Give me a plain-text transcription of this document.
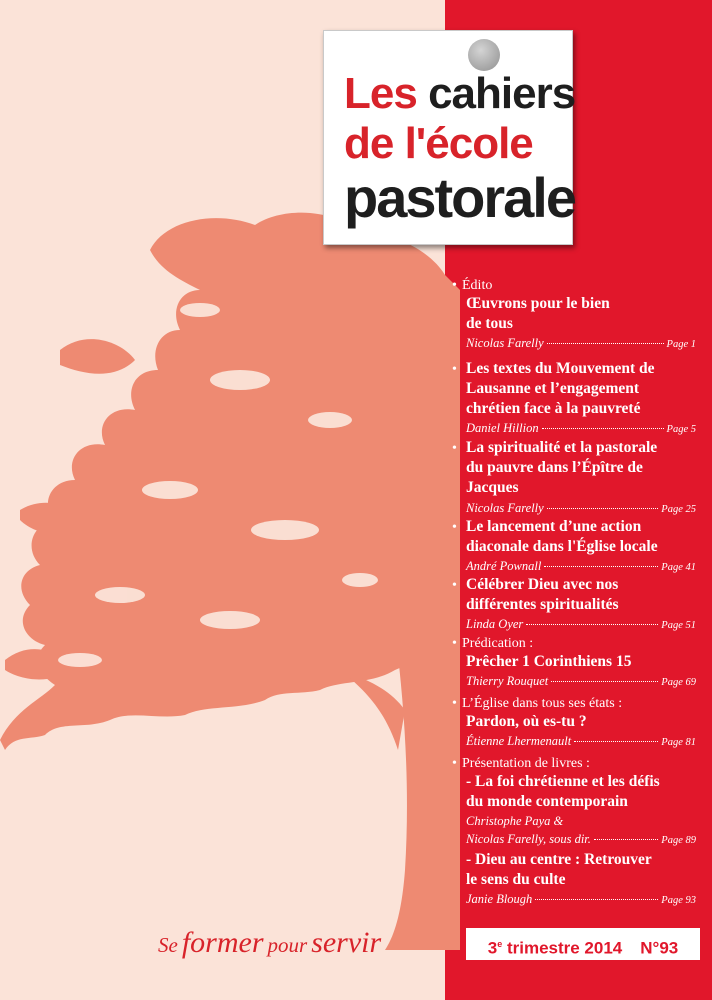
Les cahiers
de l'école
pastorale
• Édito
Œuvrons pour le bien
de tous
Nicolas Farelly	Page 1
• Les textes du Mouvement de
Lausanne et l’engagement
chrétien face à la pauvreté
Daniel Hillion	Page 5
• La spiritualité et la pastorale
du pauvre dans l’Épître de
Jacques
Nicolas Farelly	Page 25
• Le lancement d’une action
diaconale dans l'Église locale
André Pownall	Page 41
• Célébrer Dieu avec nos
différentes spiritualités
Linda Oyer	Page 51
• Prédication :
Prêcher 1 Corinthiens 15
Thierry Rouquet	Page 69
• L’Église dans tous ses états :
Pardon, où es-tu ?
Étienne Lhermenault	Page 81
• Présentation de livres :
- La foi chrétienne et les défis
du monde contemporain
Christophe Paya &
Nicolas Farelly, sous dir.	Page 89
- Dieu au centre : Retrouver
le sens du culte
Janie Blough	Page 93
Se former pour servir	3e trimestre 2014 N°93
